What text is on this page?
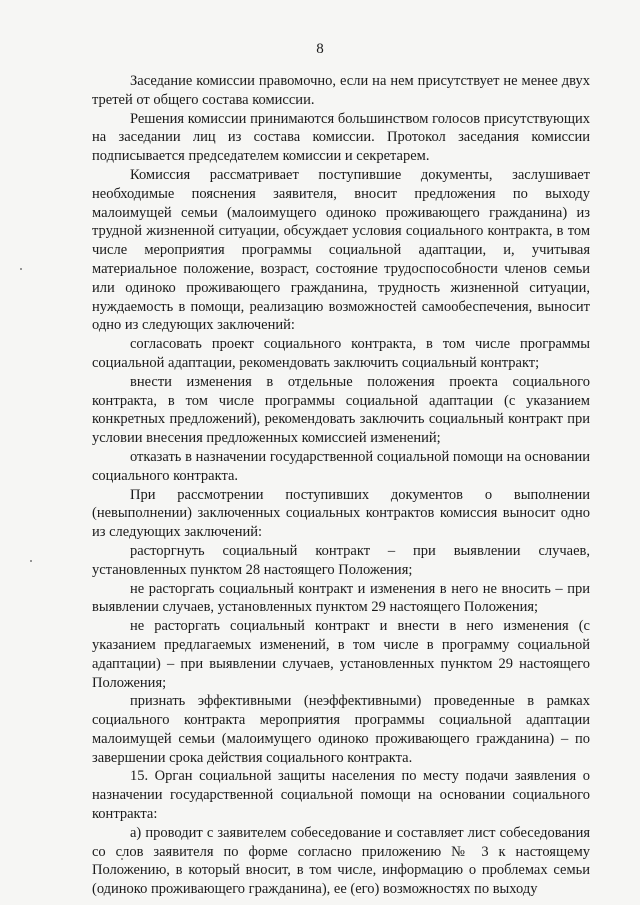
8

Заседание комиссии правомочно, если на нем присутствует не менее двух третей от общего состава комиссии.

Решения комиссии принимаются большинством голосов присутствующих на заседании лиц из состава комиссии. Протокол заседания комиссии подписывается председателем комиссии и секретарем.

Комиссия рассматривает поступившие документы, заслушивает необходимые пояснения заявителя, вносит предложения по выходу малоимущей семьи (малоимущего одиноко проживающего гражданина) из трудной жизненной ситуации, обсуждает условия социального контракта, в том числе мероприятия программы социальной адаптации, и, учитывая материальное положение, возраст, состояние трудоспособности членов семьи или одиноко проживающего гражданина, трудность жизненной ситуации, нуждаемость в помощи, реализацию возможностей самообеспечения, выносит одно из следующих заключений:

согласовать проект социального контракта, в том числе программы социальной адаптации, рекомендовать заключить социальный контракт;

внести изменения в отдельные положения проекта социального контракта, в том числе программы социальной адаптации (с указанием конкретных предложений), рекомендовать заключить социальный контракт при условии внесения предложенных комиссией изменений;

отказать в назначении государственной социальной помощи на основании социального контракта.

При рассмотрении поступивших документов о выполнении (невыполнении) заключенных социальных контрактов комиссия выносит одно из следующих заключений:

расторгнуть социальный контракт – при выявлении случаев, установленных пунктом 28 настоящего Положения;

не расторгать социальный контракт и изменения в него не вносить – при выявлении случаев, установленных пунктом 29 настоящего Положения;

не расторгать социальный контракт и внести в него изменения (с указанием предлагаемых изменений, в том числе в программу социальной адаптации) – при выявлении случаев, установленных пунктом 29 настоящего Положения;

признать эффективными (неэффективными) проведенные в рамках социального контракта мероприятия программы социальной адаптации малоимущей семьи (малоимущего одиноко проживающего гражданина) – по завершении срока действия социального контракта.

15. Орган социальной защиты населения по месту подачи заявления о назначении государственной социальной помощи на основании социального контракта:

а) проводит с заявителем собеседование и составляет лист собеседования со слов заявителя по форме согласно приложению № 3 к настоящему Положению, в который вносит, в том числе, информацию о проблемах семьи (одиноко проживающего гражданина), ее (его) возможностях по выходу
